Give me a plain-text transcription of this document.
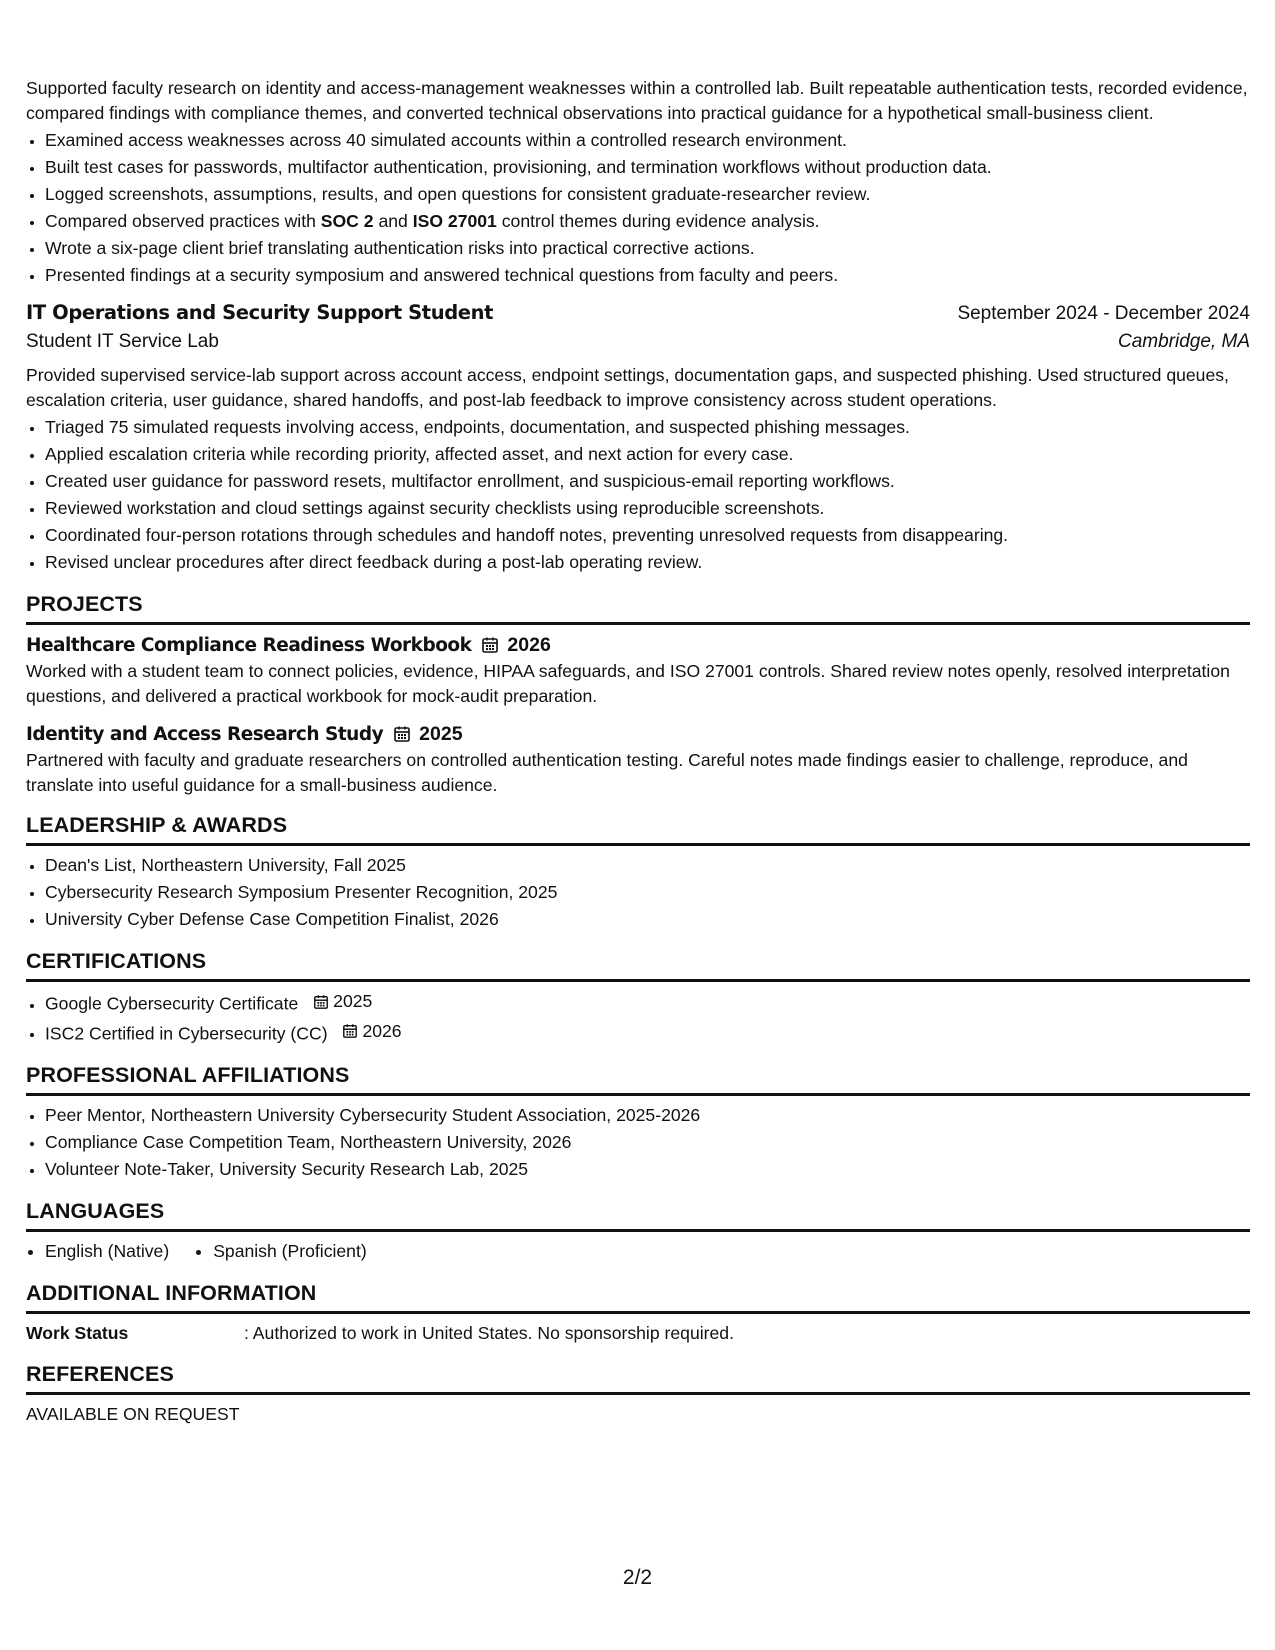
Supported faculty research on identity and access-management weaknesses within a controlled lab. Built repeatable authentication tests, recorded evidence, compared findings with compliance themes, and converted technical observations into practical guidance for a hypothetical small-business client.

• Examined access weaknesses across 40 simulated accounts within a controlled research environment.
• Built test cases for passwords, multifactor authentication, provisioning, and termination workflows without production data.
• Logged screenshots, assumptions, results, and open questions for consistent graduate-researcher review.
• Compared observed practices with SOC 2 and ISO 27001 control themes during evidence analysis.
• Wrote a six-page client brief translating authentication risks into practical corrective actions.
• Presented findings at a security symposium and answered technical questions from faculty and peers.
IT Operations and Security Support Student	September 2024 - December 2024
Student IT Service Lab	Cambridge, MA

Provided supervised service-lab support across account access, endpoint settings, documentation gaps, and suspected phishing. Used structured queues, escalation criteria, user guidance, shared handoffs, and post-lab feedback to improve consistency across student operations.

• Triaged 75 simulated requests involving access, endpoints, documentation, and suspected phishing messages.
• Applied escalation criteria while recording priority, affected asset, and next action for every case.
• Created user guidance for password resets, multifactor enrollment, and suspicious-email reporting workflows.
• Reviewed workstation and cloud settings against security checklists using reproducible screenshots.
• Coordinated four-person rotations through schedules and handoff notes, preventing unresolved requests from disappearing.
• Revised unclear procedures after direct feedback during a post-lab operating review.
PROJECTS
Healthcare Compliance Readiness Workbook 2026

Worked with a student team to connect policies, evidence, HIPAA safeguards, and ISO 27001 controls. Shared review notes openly, resolved interpretation questions, and delivered a practical workbook for mock-audit preparation.

Identity and Access Research Study 2025

Partnered with faculty and graduate researchers on controlled authentication testing. Careful notes made findings easier to challenge, reproduce, and translate into useful guidance for a small-business audience.

LEADERSHIP & AWARDS
• Dean's List, Northeastern University, Fall 2025
• Cybersecurity Research Symposium Presenter Recognition, 2025
• University Cyber Defense Case Competition Finalist, 2026
CERTIFICATIONS
• Google Cybersecurity Certificate 2025
• ISC2 Certified in Cybersecurity (CC) 2026
PROFESSIONAL AFFILIATIONS
• Peer Mentor, Northeastern University Cybersecurity Student Association, 2025-2026
• Compliance Case Competition Team, Northeastern University, 2026
• Volunteer Note-Taker, University Security Research Lab, 2025
LANGUAGES
• English (Native)
•	Spanish (Proficient)
ADDITIONAL INFORMATION
Work Status	: Authorized to work in United States. No sponsorship required.
REFERENCES
AVAILABLE ON REQUEST
2/2
